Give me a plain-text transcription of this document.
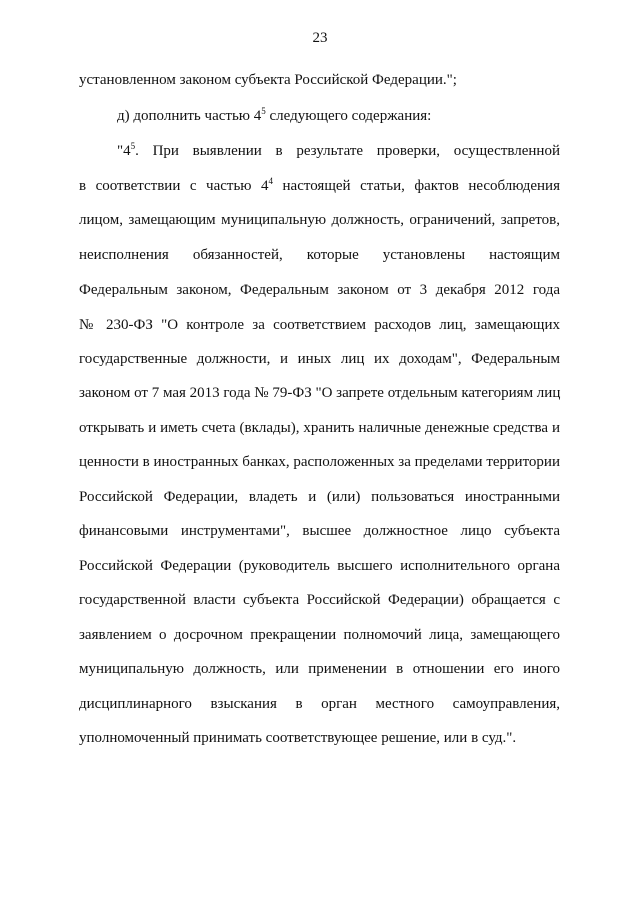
23
установленном законом субъекта Российской Федерации.";
д) дополнить частью $4^5$ следующего содержания:
"$4^5$. При выявлении в результате проверки, осуществленной
в соответствии с частью $4^4$ настоящей статьи, фактов несоблюдения
лицом, замещающим муниципальную должность, ограничений, запретов,
неисполнения обязанностей, которые установлены настоящим
Федеральным законом, Федеральным законом от 3 декабря 2012 года
№ 230-ФЗ "О контроле за соответствием расходов лиц, замещающих
государственные должности, и иных лиц их доходам", Федеральным
законом от 7 мая 2013 года № 79-ФЗ "О запрете отдельным категориям лиц
открывать и иметь счета (вклады), хранить наличные денежные средства и
ценности в иностранных банках, расположенных за пределами территории
Российской Федерации, владеть и (или) пользоваться иностранными
финансовыми инструментами", высшее должностное лицо субъекта
Российской Федерации (руководитель высшего исполнительного органа
государственной власти субъекта Российской Федерации) обращается с
заявлением о досрочном прекращении полномочий лица, замещающего
муниципальную должность, или применении в отношении его иного
дисциплинарного взыскания в орган местного самоуправления,
уполномоченный принимать соответствующее решение, или в суд.".
